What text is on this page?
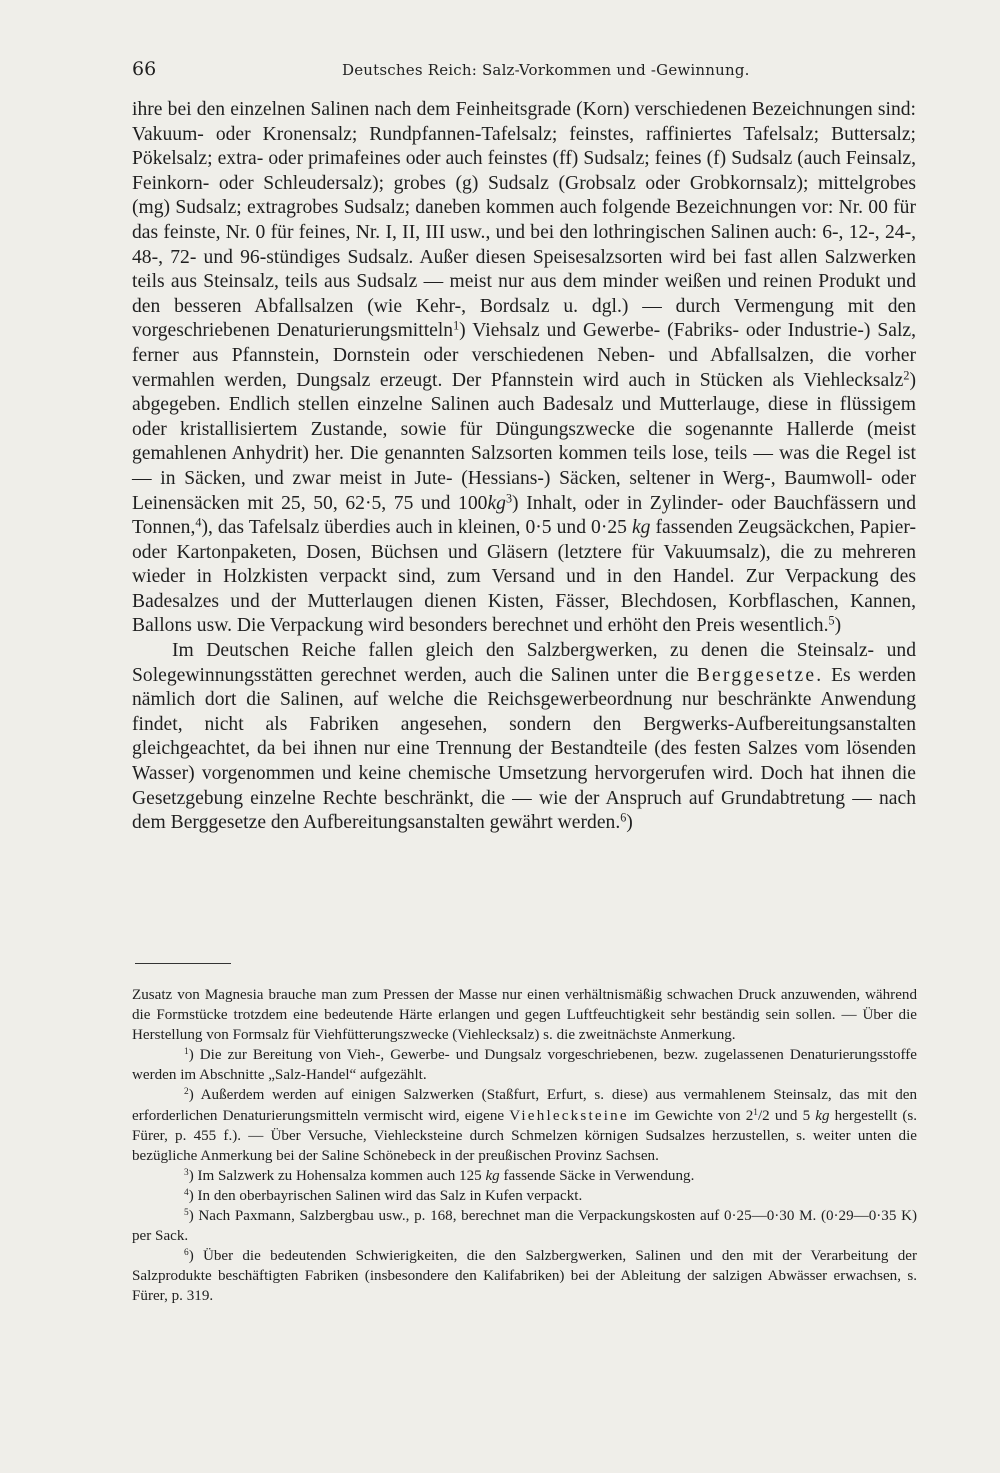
66	Deutsches Reich: Salz-Vorkommen und -Gewinnung.

ihre bei den einzelnen Salinen nach dem Feinheitsgrade (Korn) verschiedenen Bezeichnungen sind: Vakuum- oder Kronensalz; Rundpfannen-Tafelsalz; feinstes, raffiniertes Tafelsalz; Buttersalz; Pökelsalz; extra- oder primafeines oder auch feinstes (ff) Sudsalz; feines (f) Sudsalz (auch Feinsalz, Feinkorn- oder Schleudersalz); grobes (g) Sudsalz (Grobsalz oder Grobkornsalz); mittelgrobes (mg) Sudsalz; extragrobes Sudsalz; daneben kommen auch folgende Bezeichnungen vor: Nr. 00 für das feinste, Nr. 0 für feines, Nr. I, II, III usw., und bei den lothringischen Salinen auch: 6-, 12-, 24-, 48-, 72- und 96-stündiges Sudsalz. Außer diesen Speisesalzsorten wird bei fast allen Salzwerken teils aus Steinsalz, teils aus Sudsalz — meist nur aus dem minder weißen und reinen Produkt und den besseren Abfallsalzen (wie Kehr-, Bordsalz u. dgl.) — durch Vermengung mit den vorgeschriebenen Denaturierungsmitteln$^1$) Viehsalz und Gewerbe- (Fabriks- oder Industrie-) Salz, ferner aus Pfannstein, Dornstein oder verschiedenen Neben- und Abfallsalzen, die vorher vermahlen werden, Dungsalz erzeugt. Der Pfannstein wird auch in Stücken als Viehlecksalz$^2$) abgegeben. Endlich stellen einzelne Salinen auch Badesalz und Mutterlauge, diese in flüssigem oder kristallisiertem Zustande, sowie für Düngungszwecke die sogenannte Hallerde (meist gemahlenen Anhydrit) her. Die genannten Salzsorten kommen teils lose, teils — was die Regel ist — in Säcken, und zwar meist in Jute- (Hessians-) Säcken, seltener in Werg-, Baumwoll- oder Leinensäcken mit 25, 50, 62·5, 75 und $100kg^3$) Inhalt, oder in Zylinder- oder Bauchfässern und Tonnen,$^4$), das Tafelsalz überdies auch in kleinen, 0·5 und 0·25 kg fassenden Zeugsäckchen, Papier- oder Kartonpaketen, Dosen, Büchsen und Gläsern (letztere für Vakuumsalz), die zu mehreren wieder in Holzkisten verpackt sind, zum Versand und in den Handel. Zur Verpackung des Badesalzes und der Mutterlaugen dienen Kisten, Fässer, Blechdosen, Korbflaschen, Kannen, Ballons usw. Die Verpackung wird besonders berechnet und erhöht den Preis wesentlich.$^5$)

Im Deutschen Reiche fallen gleich den Salzbergwerken, zu denen die Steinsalz- und Solegewinnungsstätten gerechnet werden, auch die Salinen unter die Berggesetze. Es werden nämlich dort die Salinen, auf welche die Reichsgewerbeordnung nur beschränkte Anwendung findet, nicht als Fabriken angesehen, sondern den Bergwerks-Aufbereitungsanstalten gleichgeachtet, da bei ihnen nur eine Trennung der Bestandteile (des festen Salzes vom lösenden Wasser) vorgenommen und keine chemische Umsetzung hervorgerufen wird. Doch hat ihnen die Gesetzgebung einzelne Rechte beschränkt, die — wie der Anspruch auf Grundabtretung — nach dem Berggesetze den Aufbereitungsanstalten gewährt werden.$^6$)

Zusatz von Magnesia brauche man zum Pressen der Masse nur einen verhältnismäßig schwachen Druck anzuwenden, während die Formstücke trotzdem eine bedeutende Härte erlangen und gegen Luftfeuchtigkeit sehr beständig sein sollen. — Über die Herstellung von Formsalz für Viehfütterungszwecke (Viehlecksalz) s. die zweitnächste Anmerkung.

$^1$) Die zur Bereitung von Vieh-, Gewerbe- und Dungsalz vorgeschriebenen, bezw. zugelassenen Denaturierungsstoffe werden im Abschnitte „Salz-Handel“ aufgezählt.

$^2$) Außerdem werden auf einigen Salzwerken (Staßfurt, Erfurt, s. diese) aus vermahlenem Steinsalz, das mit den erforderlichen Denaturierungsmitteln vermischt wird, eigene Viehlecksteine im Gewichte von $2^1/2$ und 5 kg hergestellt (s. Fürer, p. 455 f.). — Über Versuche, Viehlecksteine durch Schmelzen körnigen Sudsalzes herzustellen, s. weiter unten die bezügliche Anmerkung bei der Saline Schönebeck in der preußischen Provinz Sachsen.

$^3$) Im Salzwerk zu Hohensalza kommen auch 125 kg fassende Säcke in Verwendung.

$^4$) In den oberbayrischen Salinen wird das Salz in Kufen verpackt.

$^5$) Nach Paxmann, Salzbergbau usw., p. 168, berechnet man die Verpackungskosten auf 0·25—0·30 M. (0·29—0·35 K) per Sack.

$^6$) Über die bedeutenden Schwierigkeiten, die den Salzbergwerken, Salinen und den mit der Verarbeitung der Salzprodukte beschäftigten Fabriken (insbesondere den Kalifabriken) bei der Ableitung der salzigen Abwässer erwachsen, s. Fürer, p. 319.
